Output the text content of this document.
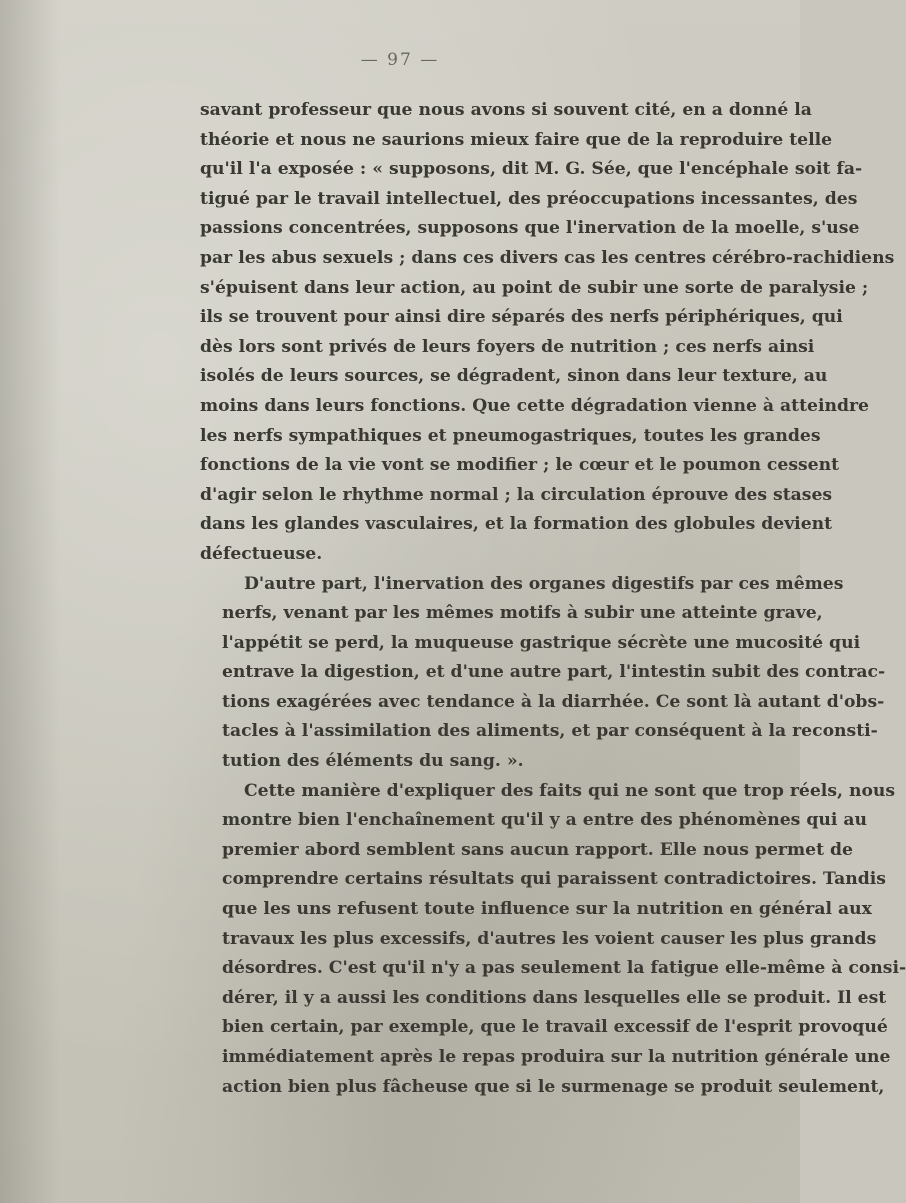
— 97 —

savant professeur que nous avons si souvent cité, en a donné la
théorie et nous ne saurions mieux faire que de la reproduire telle
qu'il l'a exposée : « supposons, dit M. G. Sée, que l'encéphale soit fa-
tigué par le travail intellectuel, des préoccupations incessantes, des
passions concentrées, supposons que l'inervation de la moelle, s'use
par les abus sexuels ; dans ces divers cas les centres cérébro-rachidiens
s'épuisent dans leur action, au point de subir une sorte de paralysie ;
ils se trouvent pour ainsi dire séparés des nerfs périphériques, qui
dès lors sont privés de leurs foyers de nutrition ; ces nerfs ainsi
isolés de leurs sources, se dégradent, sinon dans leur texture, au
moins dans leurs fonctions. Que cette dégradation vienne à atteindre
les nerfs sympathiques et pneumogastriques, toutes les grandes
fonctions de la vie vont se modifier ; le cœur et le poumon cessent
d'agir selon le rhythme normal ; la circulation éprouve des stases
dans les glandes vasculaires, et la formation des globules devient
défectueuse.

D'autre part, l'inervation des organes digestifs par ces mêmes
nerfs, venant par les mêmes motifs à subir une atteinte grave,
l'appétit se perd, la muqueuse gastrique sécrète une mucosité qui
entrave la digestion, et d'une autre part, l'intestin subit des contrac-
tions exagérées avec tendance à la diarrhée. Ce sont là autant d'obs-
tacles à l'assimilation des aliments, et par conséquent à la reconsti-
tution des éléments du sang. ».

Cette manière d'expliquer des faits qui ne sont que trop réels, nous
montre bien l'enchaînement qu'il y a entre des phénomènes qui au
premier abord semblent sans aucun rapport. Elle nous permet de
comprendre certains résultats qui paraissent contradictoires. Tandis
que les uns refusent toute influence sur la nutrition en général aux
travaux les plus excessifs, d'autres les voient causer les plus grands
désordres. C'est qu'il n'y a pas seulement la fatigue elle-même à consi-
dérer, il y a aussi les conditions dans lesquelles elle se produit. Il est
bien certain, par exemple, que le travail excessif de l'esprit provoqué
immédiatement après le repas produira sur la nutrition générale une
action bien plus fâcheuse que si le surmenage se produit seulement,
